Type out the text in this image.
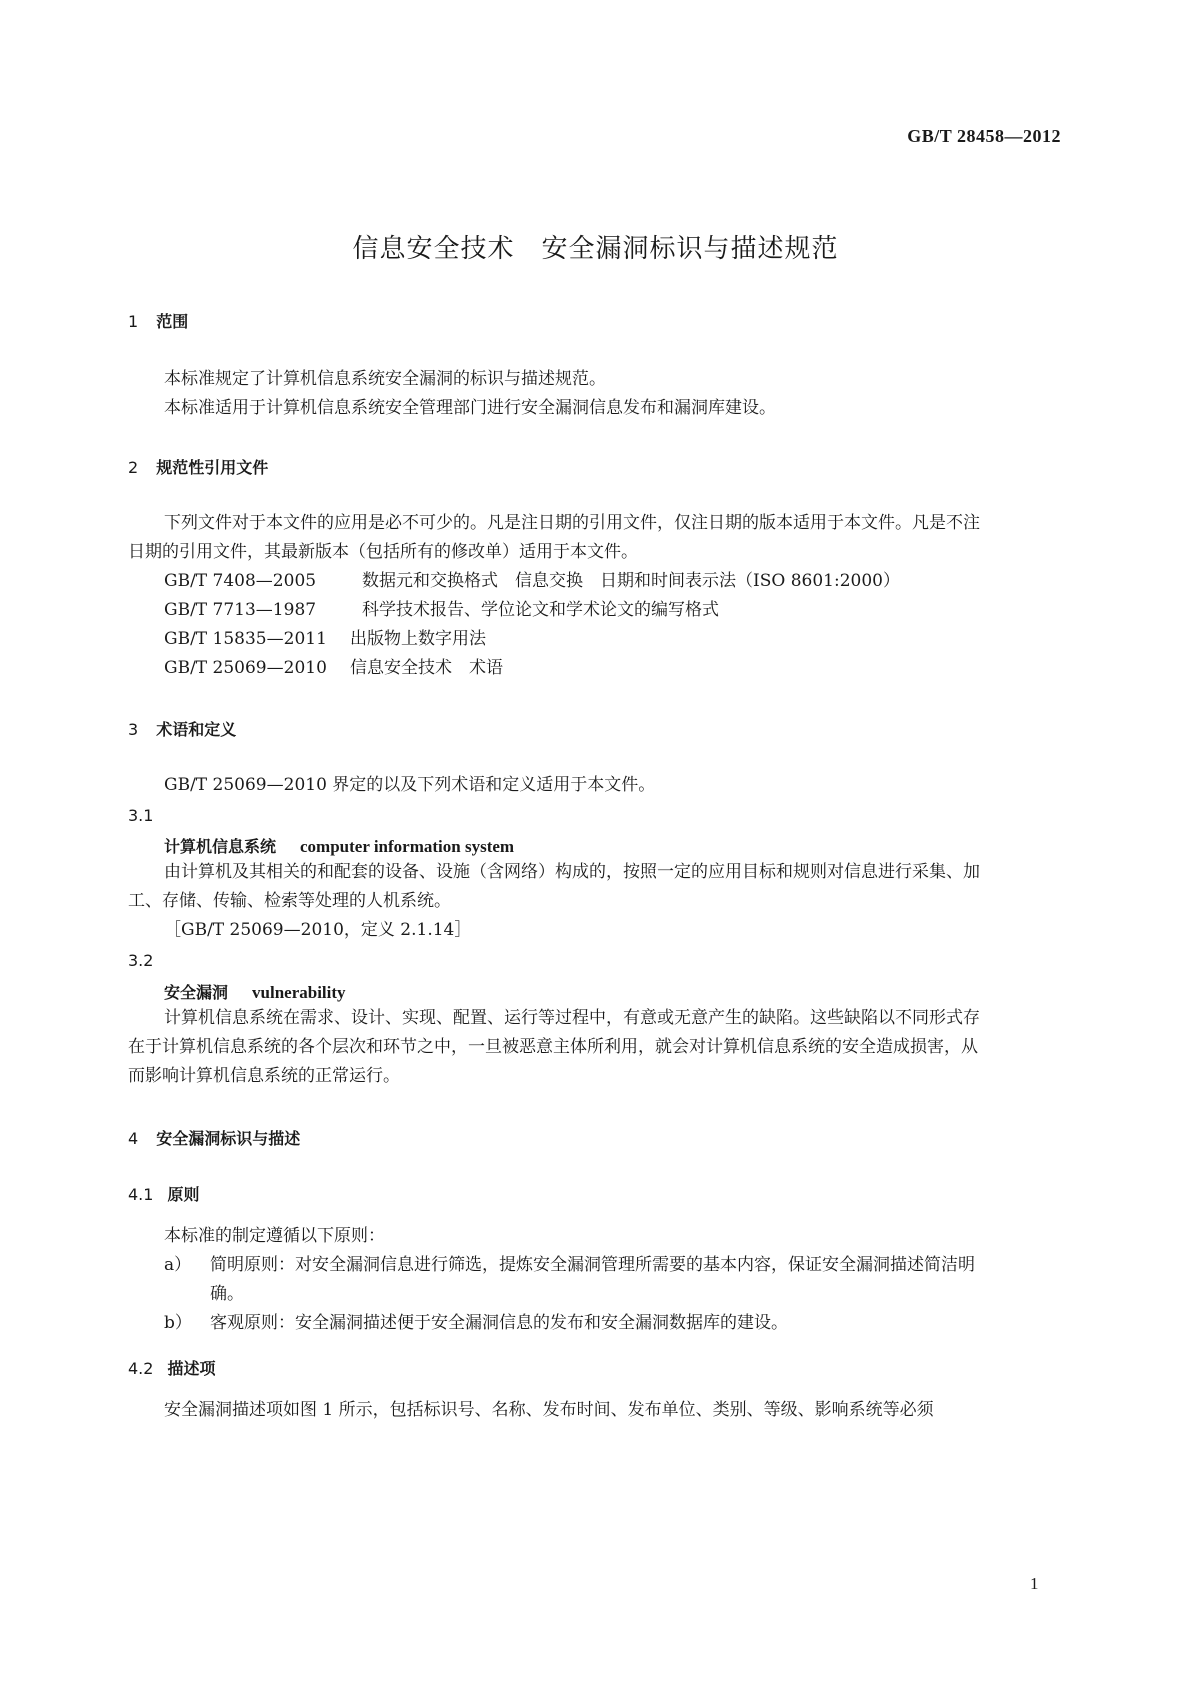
GB/T 28458—2012
信息安全技术　安全漏洞标识与描述规范
1 范围
本标准规定了计算机信息系统安全漏洞的标识与描述规范。
本标准适用于计算机信息系统安全管理部门进行安全漏洞信息发布和漏洞库建设。
2 规范性引用文件
下列文件对于本文件的应用是必不可少的。凡是注日期的引用文件，仅注日期的版本适用于本文件。凡是不注日期的引用文件，其最新版本（包括所有的修改单）适用于本文件。
GB/T 7408—2005	数据元和交换格式　信息交换　日期和时间表示法（ISO 8601:2000）
GB/T 7713—1987	科学技术报告、学位论文和学术论文的编写格式
GB/T 15835—2011 出版物上数字用法
GB/T 25069—2010 信息安全技术　术语
3 术语和定义
GB/T 25069—2010 界定的以及下列术语和定义适用于本文件。
3.1
计算机信息系统 computer information system
由计算机及其相关的和配套的设备、设施（含网络）构成的，按照一定的应用目标和规则对信息进行采集、加工、存储、传输、检索等处理的人机系统。
［GB/T 25069—2010，定义 2.1.14］
3.2
安全漏洞 vulnerability
计算机信息系统在需求、设计、实现、配置、运行等过程中，有意或无意产生的缺陷。这些缺陷以不同形式存在于计算机信息系统的各个层次和环节之中，一旦被恶意主体所利用，就会对计算机信息系统的安全造成损害，从而影响计算机信息系统的正常运行。
4 安全漏洞标识与描述
4.1 原则
本标准的制定遵循以下原则：
a） 简明原则：对安全漏洞信息进行筛选，提炼安全漏洞管理所需要的基本内容，保证安全漏洞描述简洁明确。
b） 客观原则：安全漏洞描述便于安全漏洞信息的发布和安全漏洞数据库的建设。
4.2 描述项
安全漏洞描述项如图 1 所示，包括标识号、名称、发布时间、发布单位、类别、等级、影响系统等必须
1
